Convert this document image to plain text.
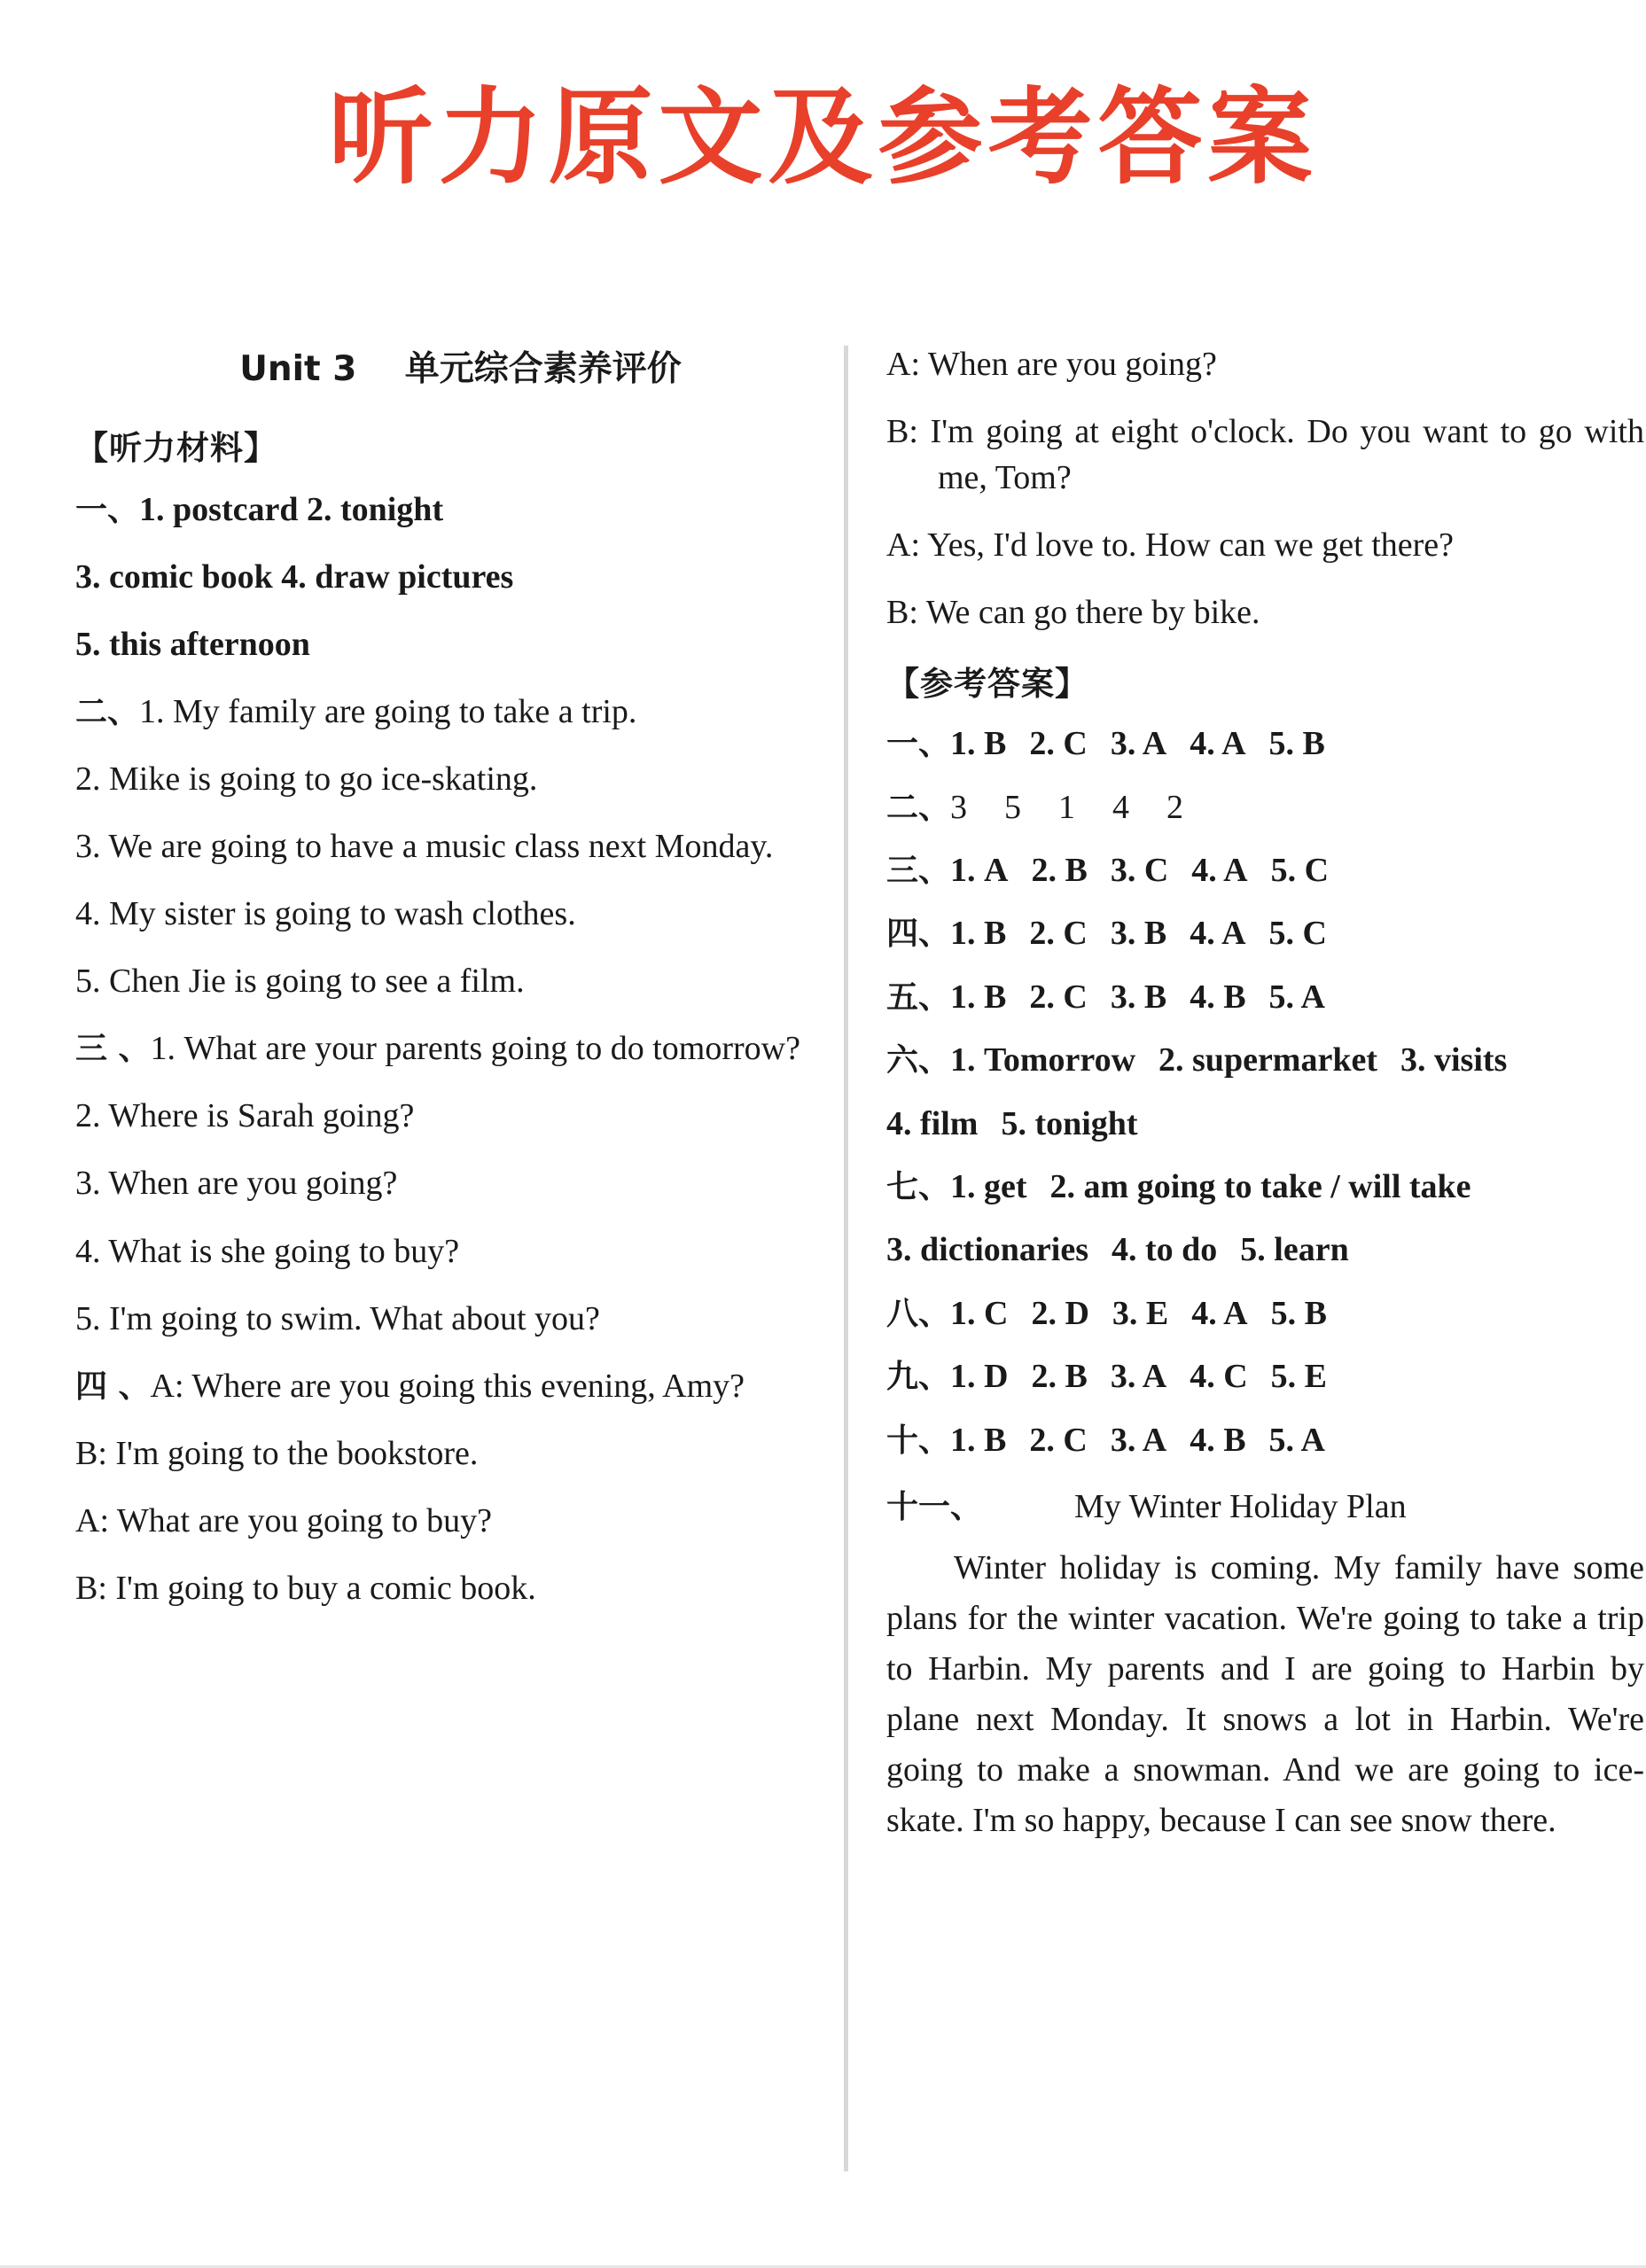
听力原文及参考答案
Unit 3    单元综合素养评价
【听力材料】

一、1. postcard 2. tonight

3. comic book 4. draw pictures

5. this afternoon

二、1. My family are going to take a trip.

2. Mike is going to go ice-skating.

3. We are going to have a music class next Monday.

4. My sister is going to wash clothes.

5. Chen Jie is going to see a film.

三 、1. What are your parents going to do tomorrow?

2. Where is Sarah going?

3. When are you going?

4. What is she going to buy?

5. I'm going to swim. What about you?

四 、A: Where are you going this evening, Amy?

B: I'm going to the bookstore.

A: What are you going to buy?

B: I'm going to buy a comic book.

A: When are you going?

B: I'm going at eight o'clock. Do you want to go with me, Tom?

A: Yes, I'd love to. How can we get there?

B: We can go there by bike.

【参考答案】

一、1. B 2. C 3. A 4. A 5. B

二、3 5 1 4 2

三、1. A 2. B 3. C 4. A 5. C

四、1. B 2. C 3. B 4. A 5. C

五、1. B 2. C 3. B 4. B 5. A

六、1. Tomorrow 2. supermarket 3. visits

4. film 5. tonight

七、1. get 2. am going to take / will take

3. dictionaries 4. to do 5. learn

八、1. C 2. D 3. E 4. A 5. B

九、1. D 2. B 3. A 4. C 5. E

十、1. B 2. C 3. A 4. B 5. A

十一、	My Winter Holiday Plan

Winter holiday is coming. My family have some plans for the winter vacation. We're going to take a trip to Harbin. My parents and I are going to Harbin by plane next Monday. It snows a lot in Harbin. We're going to make a snowman. And we are going to ice-skate. I'm so happy, because I can see snow there.
